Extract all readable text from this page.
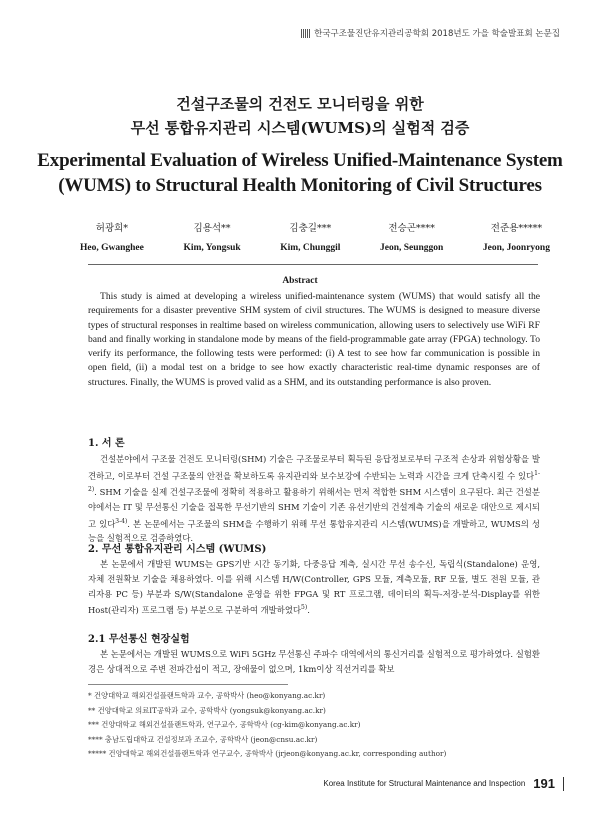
한국구조물진단유지관리공학회 2018년도 가을 학술발표회 논문집
건설구조물의 건전도 모니터링을 위한
무선 통합유지관리 시스템(WUMS)의 실험적 검증
Experimental Evaluation of Wireless Unified-Maintenance System
(WUMS) to Structural Health Monitoring of Civil Structures
허광희*
Heo, Gwanghee
김용석**
Kim, Yongsuk
김충길***
Kim, Chunggil
전승곤****
Jeon, Seunggon
전준용*****
Jeon, Joonryong
Abstract

This study is aimed at developing a wireless unified-maintenance system (WUMS) that would satisfy all the requirements for a disaster preventive SHM system of civil structures. The WUMS is designed to measure diverse types of structural responses in realtime based on wireless communication, allowing users to selectively use WiFi RF band and finally working in standalone mode by means of the field-programmable gate array (FPGA) technology. To verify its performance, the following tests were performed: (i) A test to see how far communication is possible in open field, (ii) a modal test on a bridge to see how exactly characteristic real-time dynamic responses are of structures. Finally, the WUMS is proved valid as a SHM, and its outstanding performance is also proven.

1. 서 론

건설분야에서 구조물 건전도 모니터링(SHM) 기술은 구조물로부터 획득된 응답정보로부터 구조적 손상과 위험상황을 발견하고, 이로부터 건설 구조물의 안전을 확보하도록 유지관리와 보수보강에 수반되는 노력과 시간을 크게 단축시킬 수 있다$^{1-2)}$. SHM 기술을 실제 건설구조물에 정확히 적용하고 활용하기 위해서는 먼저 적합한 SHM 시스템이 요구된다. 최근 건설분야에서는 IT 및 무선통신 기술을 접목한 무선기반의 SHM 기술이 기존 유선기반의 건설계측 기술의 새로운 대안으로 제시되고 있다$^{3-4)}$. 본 논문에서는 구조물의 SHM을 수행하기 위해 무선 통합유지관리 시스템(WUMS)을 개발하고, WUMS의 성능을 실험적으로 검증하였다.

2. 무선 통합유지관리 시스템 (WUMS)

본 논문에서 개발된 WUMS는 GPS기반 시간 동기화, 다중응답 계측, 실시간 무선 송수신, 독립식(Standalone) 운영, 자체 전원확보 기술을 채용하였다. 이를 위해 시스템 H/W(Controller, GPS 모듈, 계측모듈, RF 모듈, 별도 전원 모듈, 관리자용 PC 등) 부분과 S/W(Standalone 운영을 위한 FPGA 및 RT 프로그램, 데이터의 획득-저장-분석-Display를 위한 Host(관리자) 프로그램 등) 부분으로 구분하여 개발하였다$^{5)}$.

2.1 무선통신 현장실험

본 논문에서는 개발된 WUMS으로 WiFi 5GHz 무선통신 주파수 대역에서의 통신거리를 실험적으로 평가하였다. 실험환경은 상대적으로 주변 전파간섭이 적고, 장애물이 없으며, 1km이상 직선거리를 확보

* 건양대학교 해외건설플랜트학과 교수, 공학박사 (heo@konyang.ac.kr)
** 건양대학교 의료IT공학과 교수, 공학박사 (yongsuk@konyang.ac.kr)
*** 건양대학교 해외건설플랜트학과, 연구교수, 공학박사 (cg-kim@konyang.ac.kr)
**** 충남도립대학교 건설정보과 조교수, 공학박사 (jeon@cnsu.ac.kr)
***** 건양대학교 해외건설플랜트학과 연구교수, 공학박사 (jrjeon@konyang.ac.kr, corresponding author)
Korea Institute for Structural Maintenance and Inspection 191
